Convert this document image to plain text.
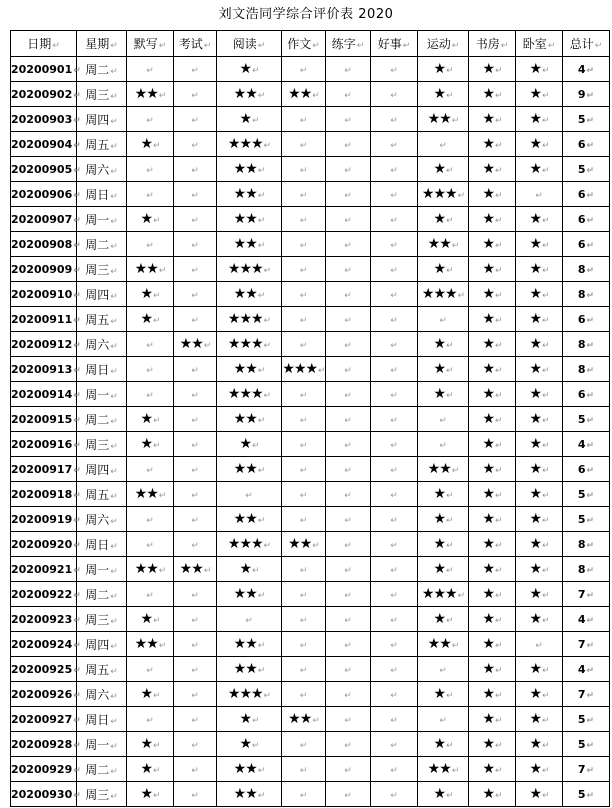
刘文浩同学综合评价表 2020
日期↵	星期↵	默写↵	考试↵	阅读↵	作文↵	练字↵	好事↵	运动↵	书房↵	卧室↵	总计↵
20200901↵	周二↵	↵	↵	★↵	↵	↵	↵	★↵	★↵	★↵	4↵
20200902↵	周三↵	★★↵	↵	★★↵	★★↵	↵	↵	★↵	★↵	★↵	9↵
20200903↵	周四↵	↵	↵	★↵	↵	↵	↵	★★↵	★↵	★↵	5↵
20200904↵	周五↵	★↵	↵	★★★↵	↵	↵	↵	↵	★↵	★↵	6↵
20200905↵	周六↵	↵	↵	★★↵	↵	↵	↵	★↵	★↵	★↵	5↵
20200906↵	周日↵	↵	↵	★★↵	↵	↵	↵	★★★↵	★↵	↵	6↵
20200907↵	周一↵	★↵	↵	★★↵	↵	↵	↵	★↵	★↵	★↵	6↵
20200908↵	周二↵	↵	↵	★★↵	↵	↵	↵	★★↵	★↵	★↵	6↵
20200909↵	周三↵	★★↵	↵	★★★↵	↵	↵	↵	★↵	★↵	★↵	8↵
20200910↵	周四↵	★↵	↵	★★↵	↵	↵	↵	★★★↵	★↵	★↵	8↵
20200911↵	周五↵	★↵	↵	★★★↵	↵	↵	↵	↵	★↵	★↵	6↵
20200912↵	周六↵	↵	★★↵	★★★↵	↵	↵	↵	★↵	★↵	★↵	8↵
20200913↵	周日↵	↵	↵	★★↵	★★★↵	↵	↵	★↵	★↵	★↵	8↵
20200914↵	周一↵	↵	↵	★★★↵	↵	↵	↵	★↵	★↵	★↵	6↵
20200915↵	周二↵	★↵	↵	★★↵	↵	↵	↵	↵	★↵	★↵	5↵
20200916↵	周三↵	★↵	↵	★↵	↵	↵	↵	↵	★↵	★↵	4↵
20200917↵	周四↵	↵	↵	★★↵	↵	↵	↵	★★↵	★↵	★↵	6↵
20200918↵	周五↵	★★↵	↵	↵	↵	↵	↵	★↵	★↵	★↵	5↵
20200919↵	周六↵	↵	↵	★★↵	↵	↵	↵	★↵	★↵	★↵	5↵
20200920↵	周日↵	↵	↵	★★★↵	★★↵	↵	↵	★↵	★↵	★↵	8↵
20200921↵	周一↵	★★↵	★★↵	★↵	↵	↵	↵	★↵	★↵	★↵	8↵
20200922↵	周二↵	↵	↵	★★↵	↵	↵	↵	★★★↵	★↵	★↵	7↵
20200923↵	周三↵	★↵	↵	↵	↵	↵	↵	★↵	★↵	★↵	4↵
20200924↵	周四↵	★★↵	↵	★★↵	↵	↵	↵	★★↵	★↵	↵	7↵
20200925↵	周五↵	↵	↵	★★↵	↵	↵	↵	↵	★↵	★↵	4↵
20200926↵	周六↵	★↵	↵	★★★↵	↵	↵	↵	★↵	★↵	★↵	7↵
20200927↵	周日↵	↵	↵	★↵	★★↵	↵	↵	↵	★↵	★↵	5↵
20200928↵	周一↵	★↵	↵	★↵	↵	↵	↵	★↵	★↵	★↵	5↵
20200929↵	周二↵	★↵	↵	★★↵	↵	↵	↵	★★↵	★↵	★↵	7↵
20200930↵	周三↵	★↵	↵	★★↵	↵	↵	↵	★↵	★↵	★↵	5↵
